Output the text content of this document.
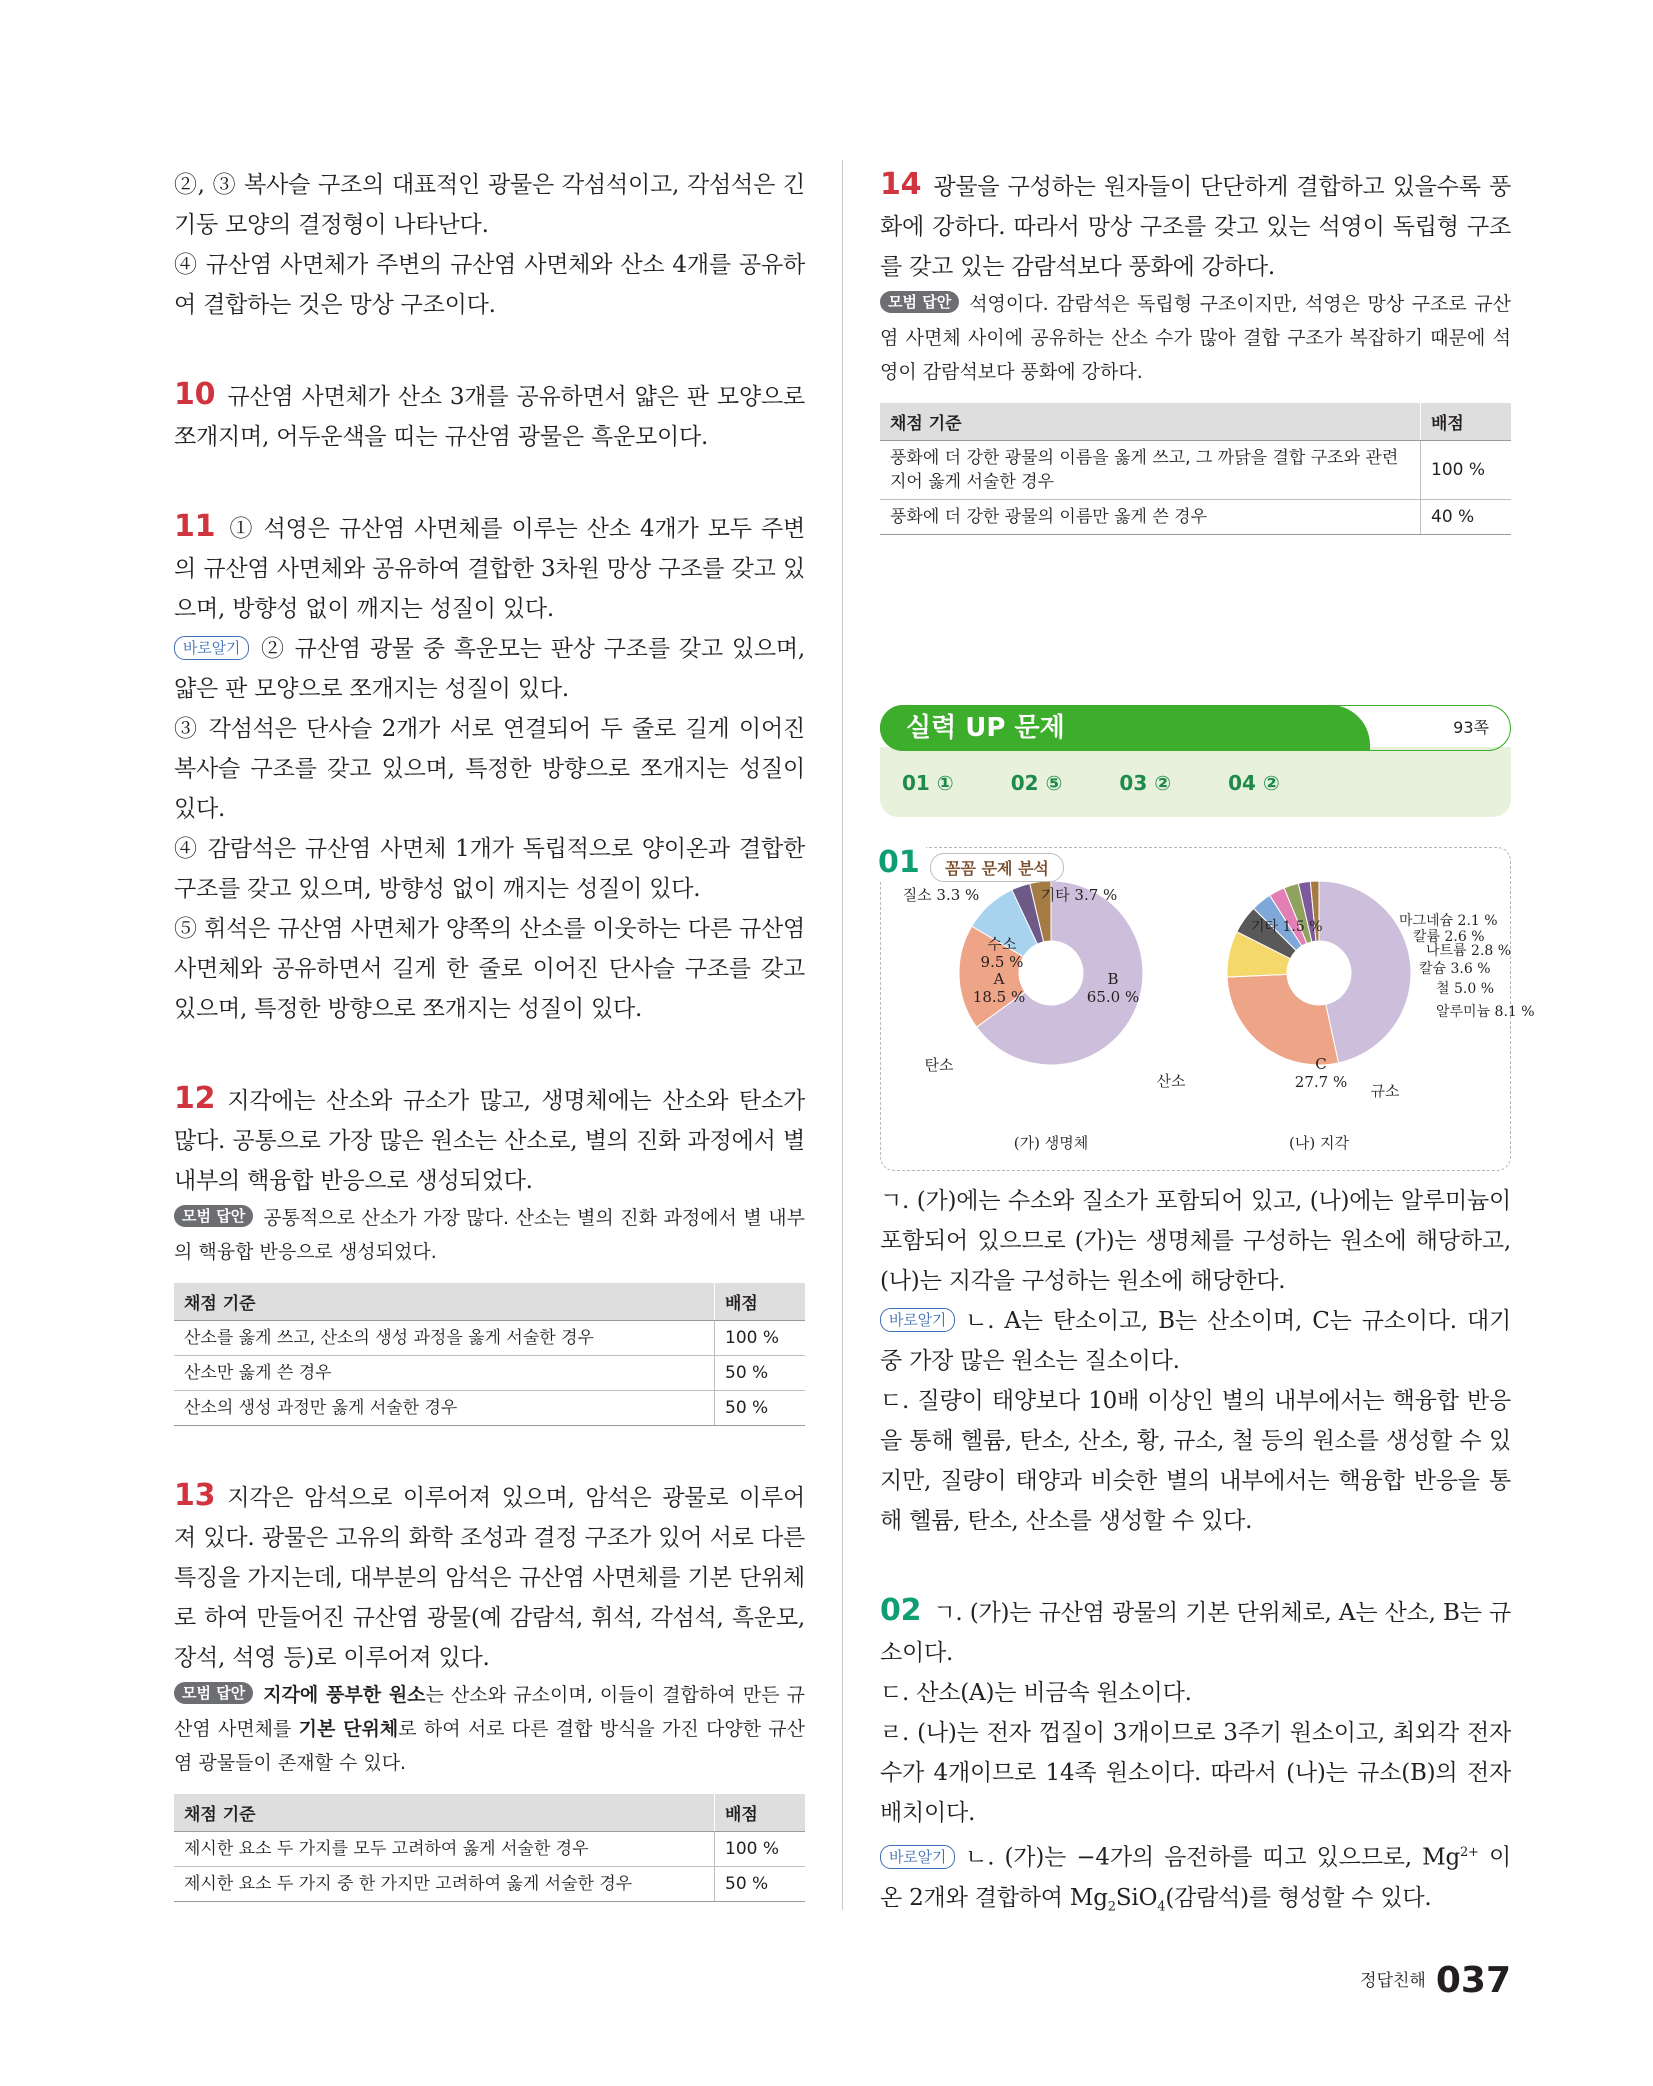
②, ③ 복사슬 구조의 대표적인 광물은 각섬석이고, 각섬석은 긴 기둥 모양의 결정형이 나타난다.

④ 규산염 사면체가 주변의 규산염 사면체와 산소 4개를 공유하여 결합하는 것은 망상 구조이다.

10 규산염 사면체가 산소 3개를 공유하면서 얇은 판 모양으로 쪼개지며, 어두운색을 띠는 규산염 광물은 흑운모이다.

11 ① 석영은 규산염 사면체를 이루는 산소 4개가 모두 주변의 규산염 사면체와 공유하여 결합한 3차원 망상 구조를 갖고 있으며, 방향성 없이 깨지는 성질이 있다.

바로알기 ② 규산염 광물 중 흑운모는 판상 구조를 갖고 있으며, 얇은 판 모양으로 쪼개지는 성질이 있다.

③ 각섬석은 단사슬 2개가 서로 연결되어 두 줄로 길게 이어진 복사슬 구조를 갖고 있으며, 특정한 방향으로 쪼개지는 성질이 있다.

④ 감람석은 규산염 사면체 1개가 독립적으로 양이온과 결합한 구조를 갖고 있으며, 방향성 없이 깨지는 성질이 있다.

⑤ 휘석은 규산염 사면체가 양쪽의 산소를 이웃하는 다른 규산염 사면체와 공유하면서 길게 한 줄로 이어진 단사슬 구조를 갖고 있으며, 특정한 방향으로 쪼개지는 성질이 있다.

12 지각에는 산소와 규소가 많고, 생명체에는 산소와 탄소가 많다. 공통으로 가장 많은 원소는 산소로, 별의 진화 과정에서 별 내부의 핵융합 반응으로 생성되었다.

모범 답안 공통적으로 산소가 가장 많다. 산소는 별의 진화 과정에서 별 내부의 핵융합 반응으로 생성되었다.

채점 기준	배점
산소를 옳게 쓰고, 산소의 생성 과정을 옳게 서술한 경우	100 %
산소만 옳게 쓴 경우	50 %
산소의 생성 과정만 옳게 서술한 경우	50 %

13 지각은 암석으로 이루어져 있으며, 암석은 광물로 이루어져 있다. 광물은 고유의 화학 조성과 결정 구조가 있어 서로 다른 특징을 가지는데, 대부분의 암석은 규산염 사면체를 기본 단위체로 하여 만들어진 규산염 광물(예 감람석, 휘석, 각섬석, 흑운모, 장석, 석영 등)로 이루어져 있다.

모범 답안 지각에 풍부한 원소는 산소와 규소이며, 이들이 결합하여 만든 규산염 사면체를 기본 단위체로 하여 서로 다른 결합 방식을 가진 다양한 규산염 광물들이 존재할 수 있다.

채점 기준	배점
제시한 요소 두 가지를 모두 고려하여 옳게 서술한 경우	100 %
제시한 요소 두 가지 중 한 가지만 고려하여 옳게 서술한 경우	50 %

14 광물을 구성하는 원자들이 단단하게 결합하고 있을수록 풍화에 강하다. 따라서 망상 구조를 갖고 있는 석영이 독립형 구조를 갖고 있는 감람석보다 풍화에 강하다.

모범 답안 석영이다. 감람석은 독립형 구조이지만, 석영은 망상 구조로 규산염 사면체 사이에 공유하는 산소 수가 많아 결합 구조가 복잡하기 때문에 석영이 감람석보다 풍화에 강하다.

채점 기준	배점
풍화에 더 강한 광물의 이름을 옳게 쓰고, 그 까닭을 결합 구조와 관련지어 옳게 서술한 경우	100 %
풍화에 더 강한 광물의 이름만 옳게 쓴 경우	40 %
실력 UP 문제	93쪽
01 ①	02 ⑤	03 ②	04 ②
B
65.0 %
A
18.5 %
수소
9.5 %
질소 3.3 %	기타 3.7 %
(가) 생명체
탄소
산소
C
27.7 %
알루미늄 8.1 %
철 5.0 %
칼슘 3.6 %
나트륨 2.8 %
칼륨 2.6 %
마그네슘 2.1 %
기타 1.5 %
(나) 지각
규소
01	꼼꼼 문제 분석

ㄱ. (가)에는 수소와 질소가 포함되어 있고, (나)에는 알루미늄이 포함되어 있으므로 (가)는 생명체를 구성하는 원소에 해당하고, (나)는 지각을 구성하는 원소에 해당한다.

바로알기 ㄴ. A는 탄소이고, B는 산소이며, C는 규소이다. 대기 중 가장 많은 원소는 질소이다.

ㄷ. 질량이 태양보다 10배 이상인 별의 내부에서는 핵융합 반응을 통해 헬륨, 탄소, 산소, 황, 규소, 철 등의 원소를 생성할 수 있지만, 질량이 태양과 비슷한 별의 내부에서는 핵융합 반응을 통해 헬륨, 탄소, 산소를 생성할 수 있다.

02 ㄱ. (가)는 규산염 광물의 기본 단위체로, A는 산소, B는 규소이다.

ㄷ. 산소(A)는 비금속 원소이다.

ㄹ. (나)는 전자 껍질이 3개이므로 3주기 원소이고, 최외각 전자 수가 4개이므로 14족 원소이다. 따라서 (나)는 규소(B)의 전자 배치이다.

바로알기 ㄴ. (가)는 −4가의 음전하를 띠고 있으므로, $Mg^{2+}$ 이온 2개와 결합하여 $Mg_2SiO_4$(감람석)를 형성할 수 있다.

정답친해 037
